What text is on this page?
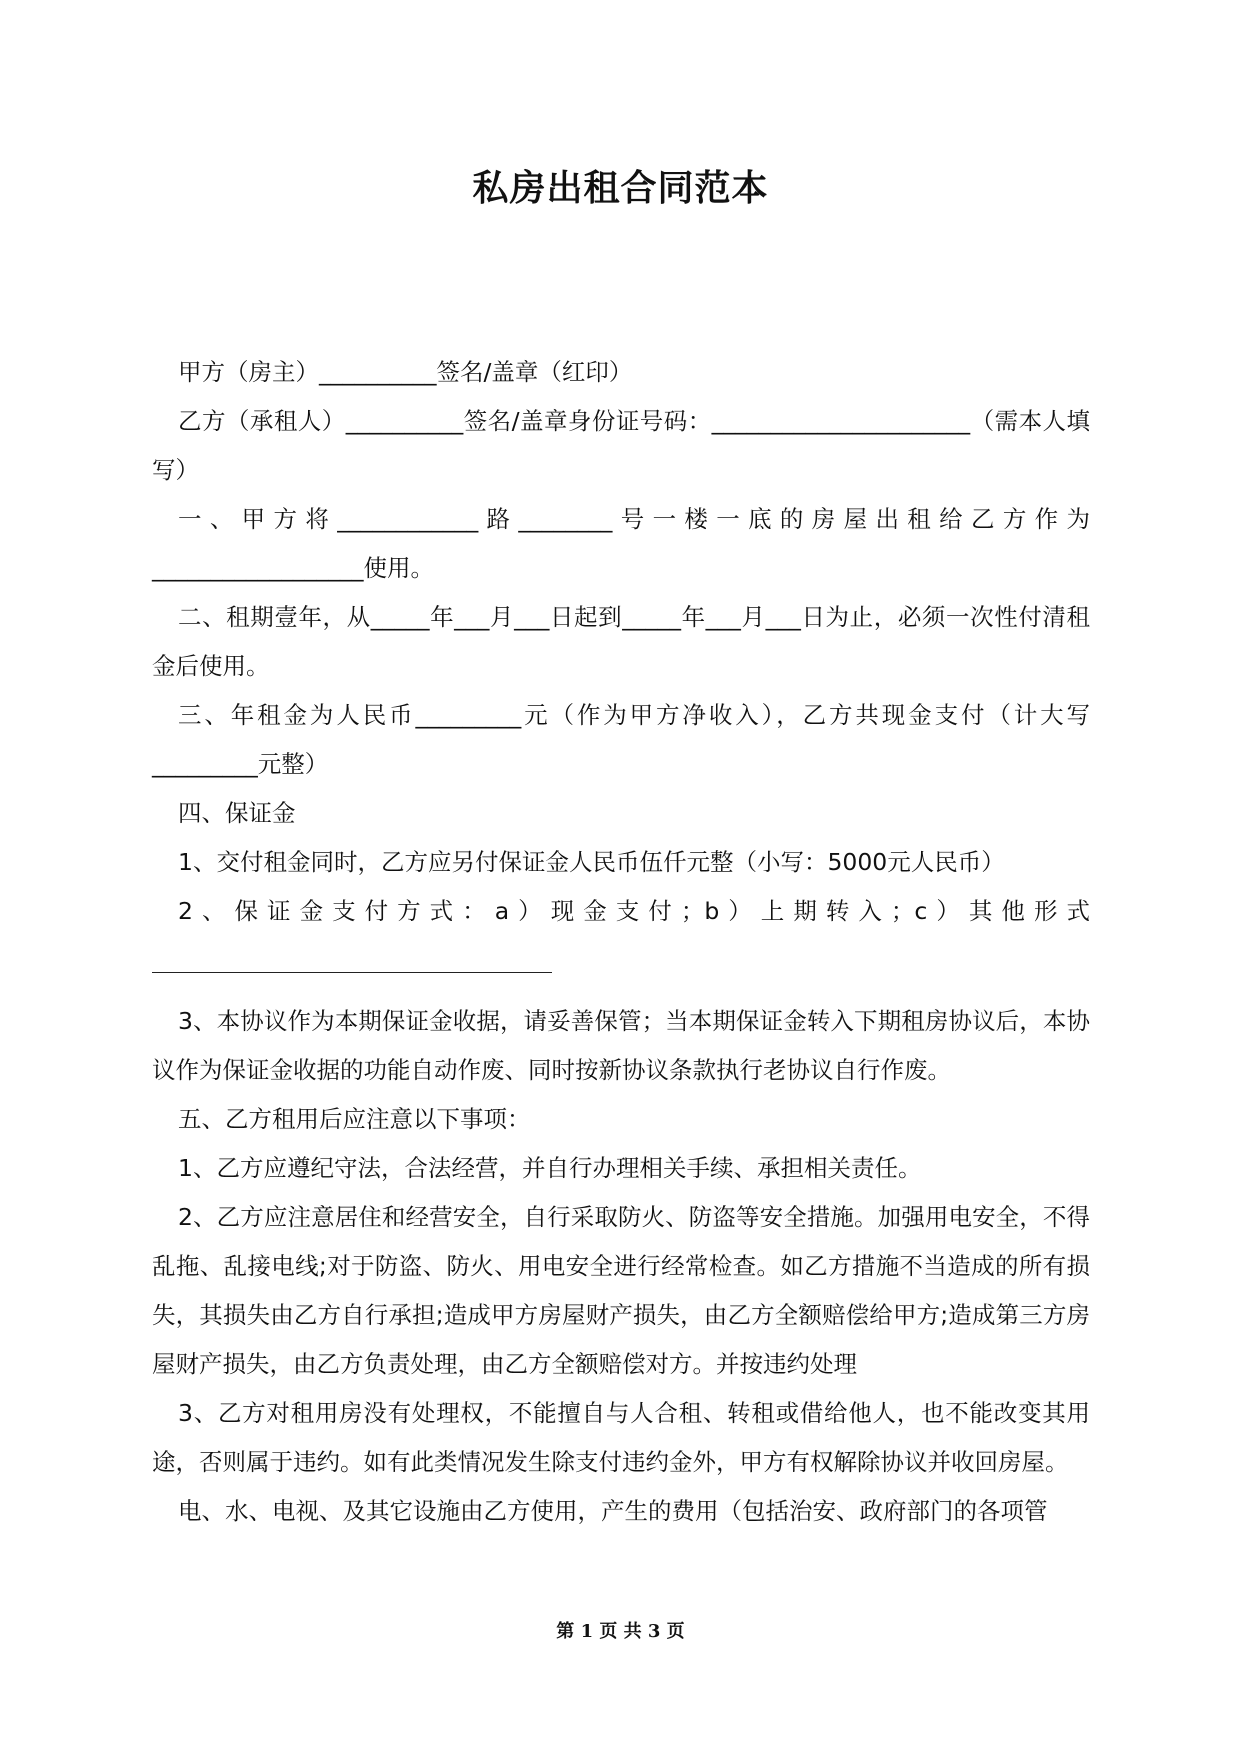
私房出租合同范本

甲方（房主）__________签名/盖章（红印）

乙方（承租人）__________签名/盖章身份证号码：______________________（需本人填写）

一、甲方将____________路________号一楼一底的房屋出租给乙方作为__________________使用。

二、租期壹年，从_____年___月___日起到_____年___月___日为止，必须一次性付清租金后使用。

三、年租金为人民币_________元（作为甲方净收入），乙方共现金支付（计大写_________元整）

四、保证金

1、交付租金同时，乙方应另付保证金人民币伍仟元整（小写：5000元人民币）

2、保证金支付方式：a）现金支付；b）上期转入；c）其他形式

3、本协议作为本期保证金收据，请妥善保管；当本期保证金转入下期租房协议后，本协议作为保证金收据的功能自动作废、同时按新协议条款执行老协议自行作废。

五、乙方租用后应注意以下事项：

1、乙方应遵纪守法，合法经营，并自行办理相关手续、承担相关责任。

2、乙方应注意居住和经营安全，自行采取防火、防盗等安全措施。加强用电安全，不得乱拖、乱接电线;对于防盗、防火、用电安全进行经常检查。如乙方措施不当造成的所有损失，其损失由乙方自行承担;造成甲方房屋财产损失，由乙方全额赔偿给甲方;造成第三方房屋财产损失，由乙方负责处理，由乙方全额赔偿对方。并按违约处理

3、乙方对租用房没有处理权，不能擅自与人合租、转租或借给他人，也不能改变其用途，否则属于违约。如有此类情况发生除支付违约金外，甲方有权解除协议并收回房屋。

电、水、电视、及其它设施由乙方使用，产生的费用（包括治安、政府部门的各项管

第 1 页 共 3 页
